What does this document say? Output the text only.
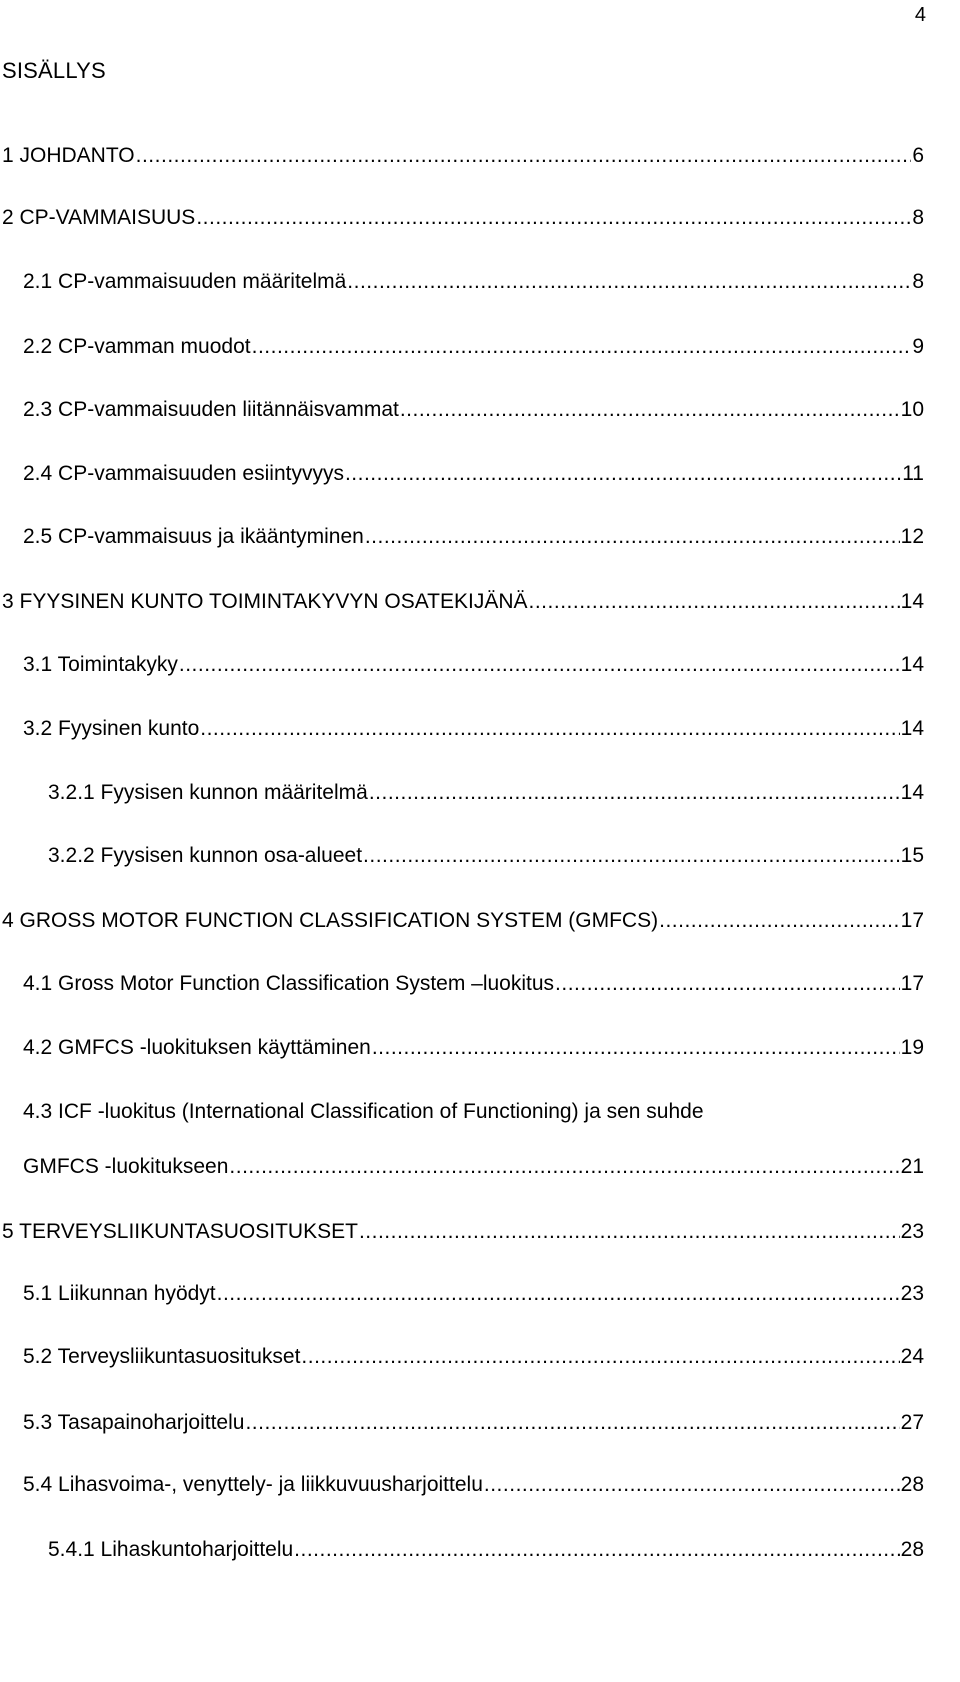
4
SISÄLLYS
1 JOHDANTO .....	6
2 CP-VAMMAISUUS .....	8
2.1 CP-vammaisuuden määritelmä .....	8
2.2 CP-vamman muodot .....	9
2.3 CP-vammaisuuden liitännäisvammat .....	10
2.4 CP-vammaisuuden esiintyvyys .....	11
2.5 CP-vammaisuus ja ikääntyminen .....	12
3 FYYSINEN KUNTO TOIMINTAKYVYN OSATEKIJÄNÄ .....	14
3.1 Toimintakyky .....	14
3.2 Fyysinen kunto .....	14
3.2.1 Fyysisen kunnon määritelmä .....	14
3.2.2 Fyysisen kunnon osa-alueet .....	15
4 GROSS MOTOR FUNCTION CLASSIFICATION SYSTEM (GMFCS) .....	17
4.1 Gross Motor Function Classification System –luokitus .....	17
4.2 GMFCS -luokituksen käyttäminen .....	19
4.3 ICF -luokitus (International Classification of Functioning) ja sen suhde
GMFCS -luokitukseen .....	21
5 TERVEYSLIIKUNTASUOSITUKSET .....	23
5.1 Liikunnan hyödyt .....	23
5.2 Terveysliikuntasuositukset .....	24
5.3 Tasapainoharjoittelu .....	27
5.4 Lihasvoima-, venyttely- ja liikkuvuusharjoittelu .....	28
5.4.1 Lihaskuntoharjoittelu .....	28
